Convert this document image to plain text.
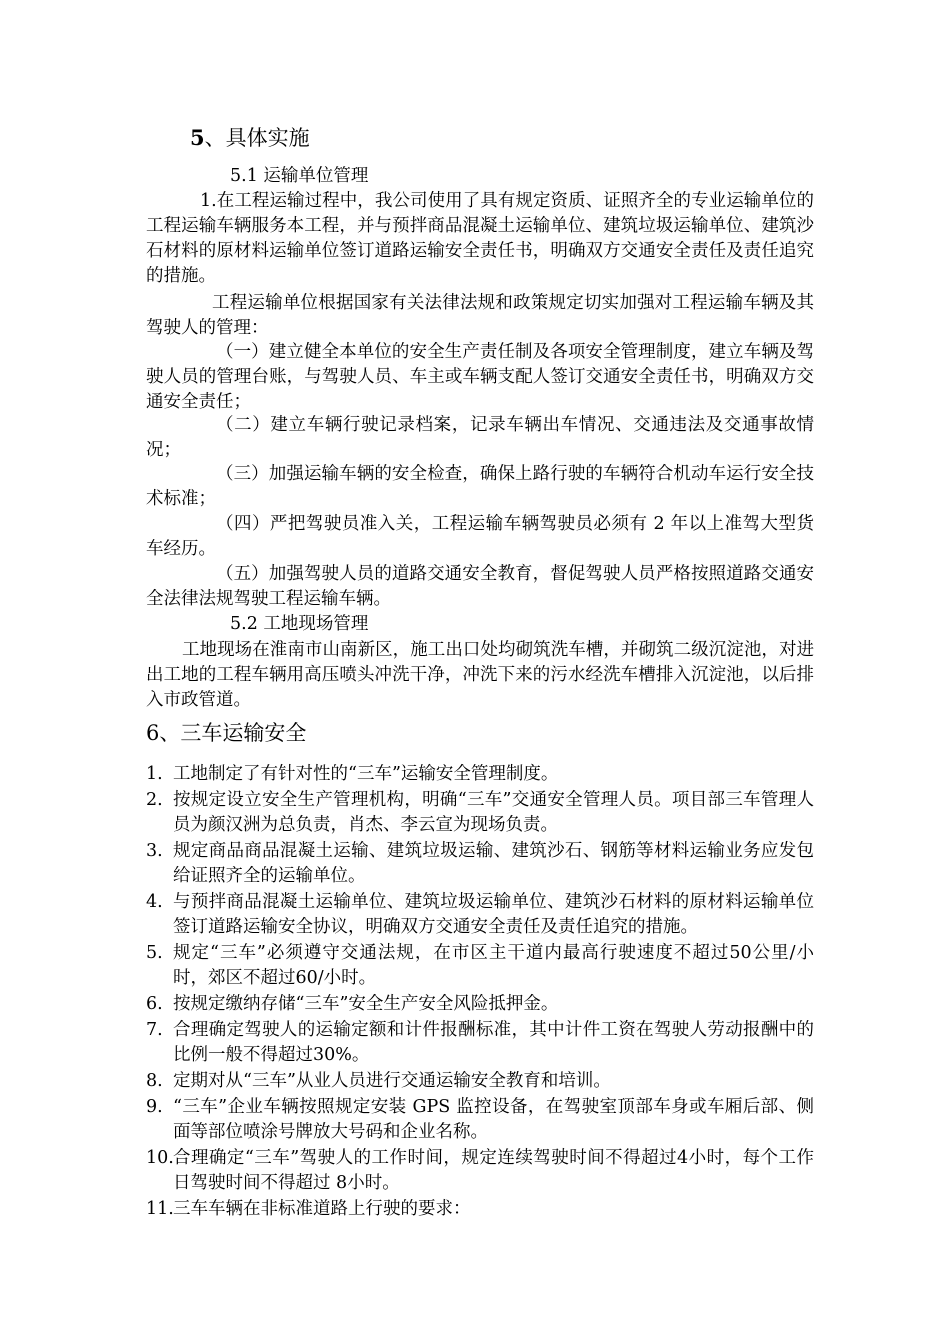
5、具体实施
5.1 运输单位管理

1.在工程运输过程中，我公司使用了具有规定资质、证照齐全的专业运输单位的工程运输车辆服务本工程，并与预拌商品混凝土运输单位、建筑垃圾运输单位、建筑沙石材料的原材料运输单位签订道路运输安全责任书，明确双方交通安全责任及责任追究的措施。

工程运输单位根据国家有关法律法规和政策规定切实加强对工程运输车辆及其驾驶人的管理：

（一）建立健全本单位的安全生产责任制及各项安全管理制度，建立车辆及驾驶人员的管理台账，与驾驶人员、车主或车辆支配人签订交通安全责任书，明确双方交通安全责任；

（二）建立车辆行驶记录档案，记录车辆出车情况、交通违法及交通事故情况；

（三）加强运输车辆的安全检查，确保上路行驶的车辆符合机动车运行安全技术标准；

（四）严把驾驶员准入关，工程运输车辆驾驶员必须有 2 年以上准驾大型货车经历。

（五）加强驾驶人员的道路交通安全教育，督促驾驶人员严格按照道路交通安全法律法规驾驶工程运输车辆。

5.2 工地现场管理

工地现场在淮南市山南新区，施工出口处均砌筑洗车槽，并砌筑二级沉淀池，对进出工地的工程车辆用高压喷头冲洗干净，冲洗下来的污水经洗车槽排入沉淀池，以后排入市政管道。

6、三车运输安全
1. 工地制定了有针对性的“三车”运输安全管理制度。
2. 按规定设立安全生产管理机构，明确“三车”交通安全管理人员。项目部三车管理人员为颜汉洲为总负责，肖杰、李云宣为现场负责。
3. 规定商品商品混凝土运输、建筑垃圾运输、建筑沙石、钢筋等材料运输业务应发包给证照齐全的运输单位。
4. 与预拌商品混凝土运输单位、建筑垃圾运输单位、建筑沙石材料的原材料运输单位签订道路运输安全协议，明确双方交通安全责任及责任追究的措施。
5. 规定“三车”必须遵守交通法规，在市区主干道内最高行驶速度不超过50公里/小时，郊区不超过60/小时。
6. 按规定缴纳存储“三车”安全生产安全风险抵押金。
7. 合理确定驾驶人的运输定额和计件报酬标准，其中计件工资在驾驶人劳动报酬中的比例一般不得超过30%。
8. 定期对从“三车”从业人员进行交通运输安全教育和培训。
9. “三车”企业车辆按照规定安装 GPS 监控设备，在驾驶室顶部车身或车厢后部、侧面等部位喷涂号牌放大号码和企业名称。
10. 合理确定“三车”驾驶人的工作时间，规定连续驾驶时间不得超过4小时，每个工作日驾驶时间不得超过 8小时。
11. 三车车辆在非标准道路上行驶的要求：
